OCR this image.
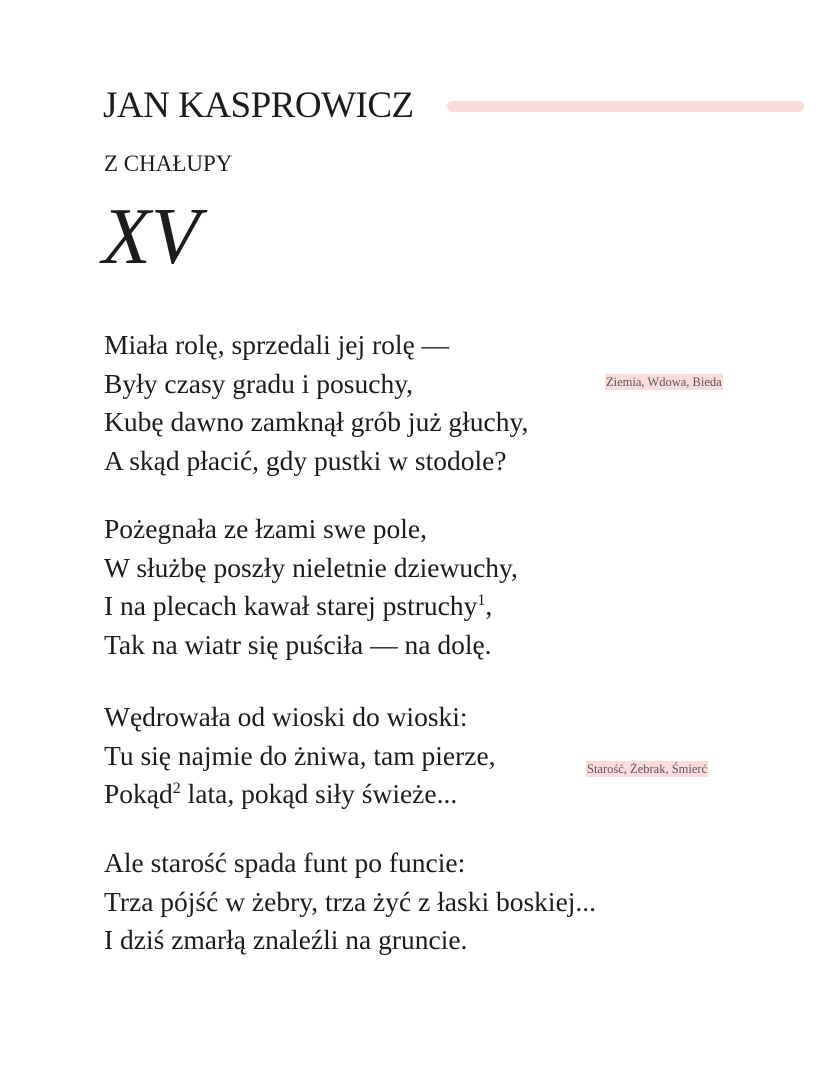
JAN KASPROWICZ
Z CHAŁUPY
XV
Miała rolę, sprzedali jej rolę —
Były czasy gradu i posuchy,
Kubę dawno zamknął grób już głuchy,
A skąd płacić, gdy pustki w stodole?
Pożegnała ze łzami swe pole,
W służbę poszły nieletnie dziewuchy,
I na plecach kawał starej pstruchy$^1$,
Tak na wiatr się puściła — na dolę.
Wędrowała od wioski do wioski:
Tu się najmie do żniwa, tam pierze,
Pokąd$^2$ lata, pokąd siły świeże...
Ale starość spada funt po funcie:
Trza pójść w żebry, trza żyć z łaski boskiej...
I dziś zmarłą znaleźli na gruncie.
Ziemia, Wdowa, Bieda
Starość, Żebrak, Śmierć
